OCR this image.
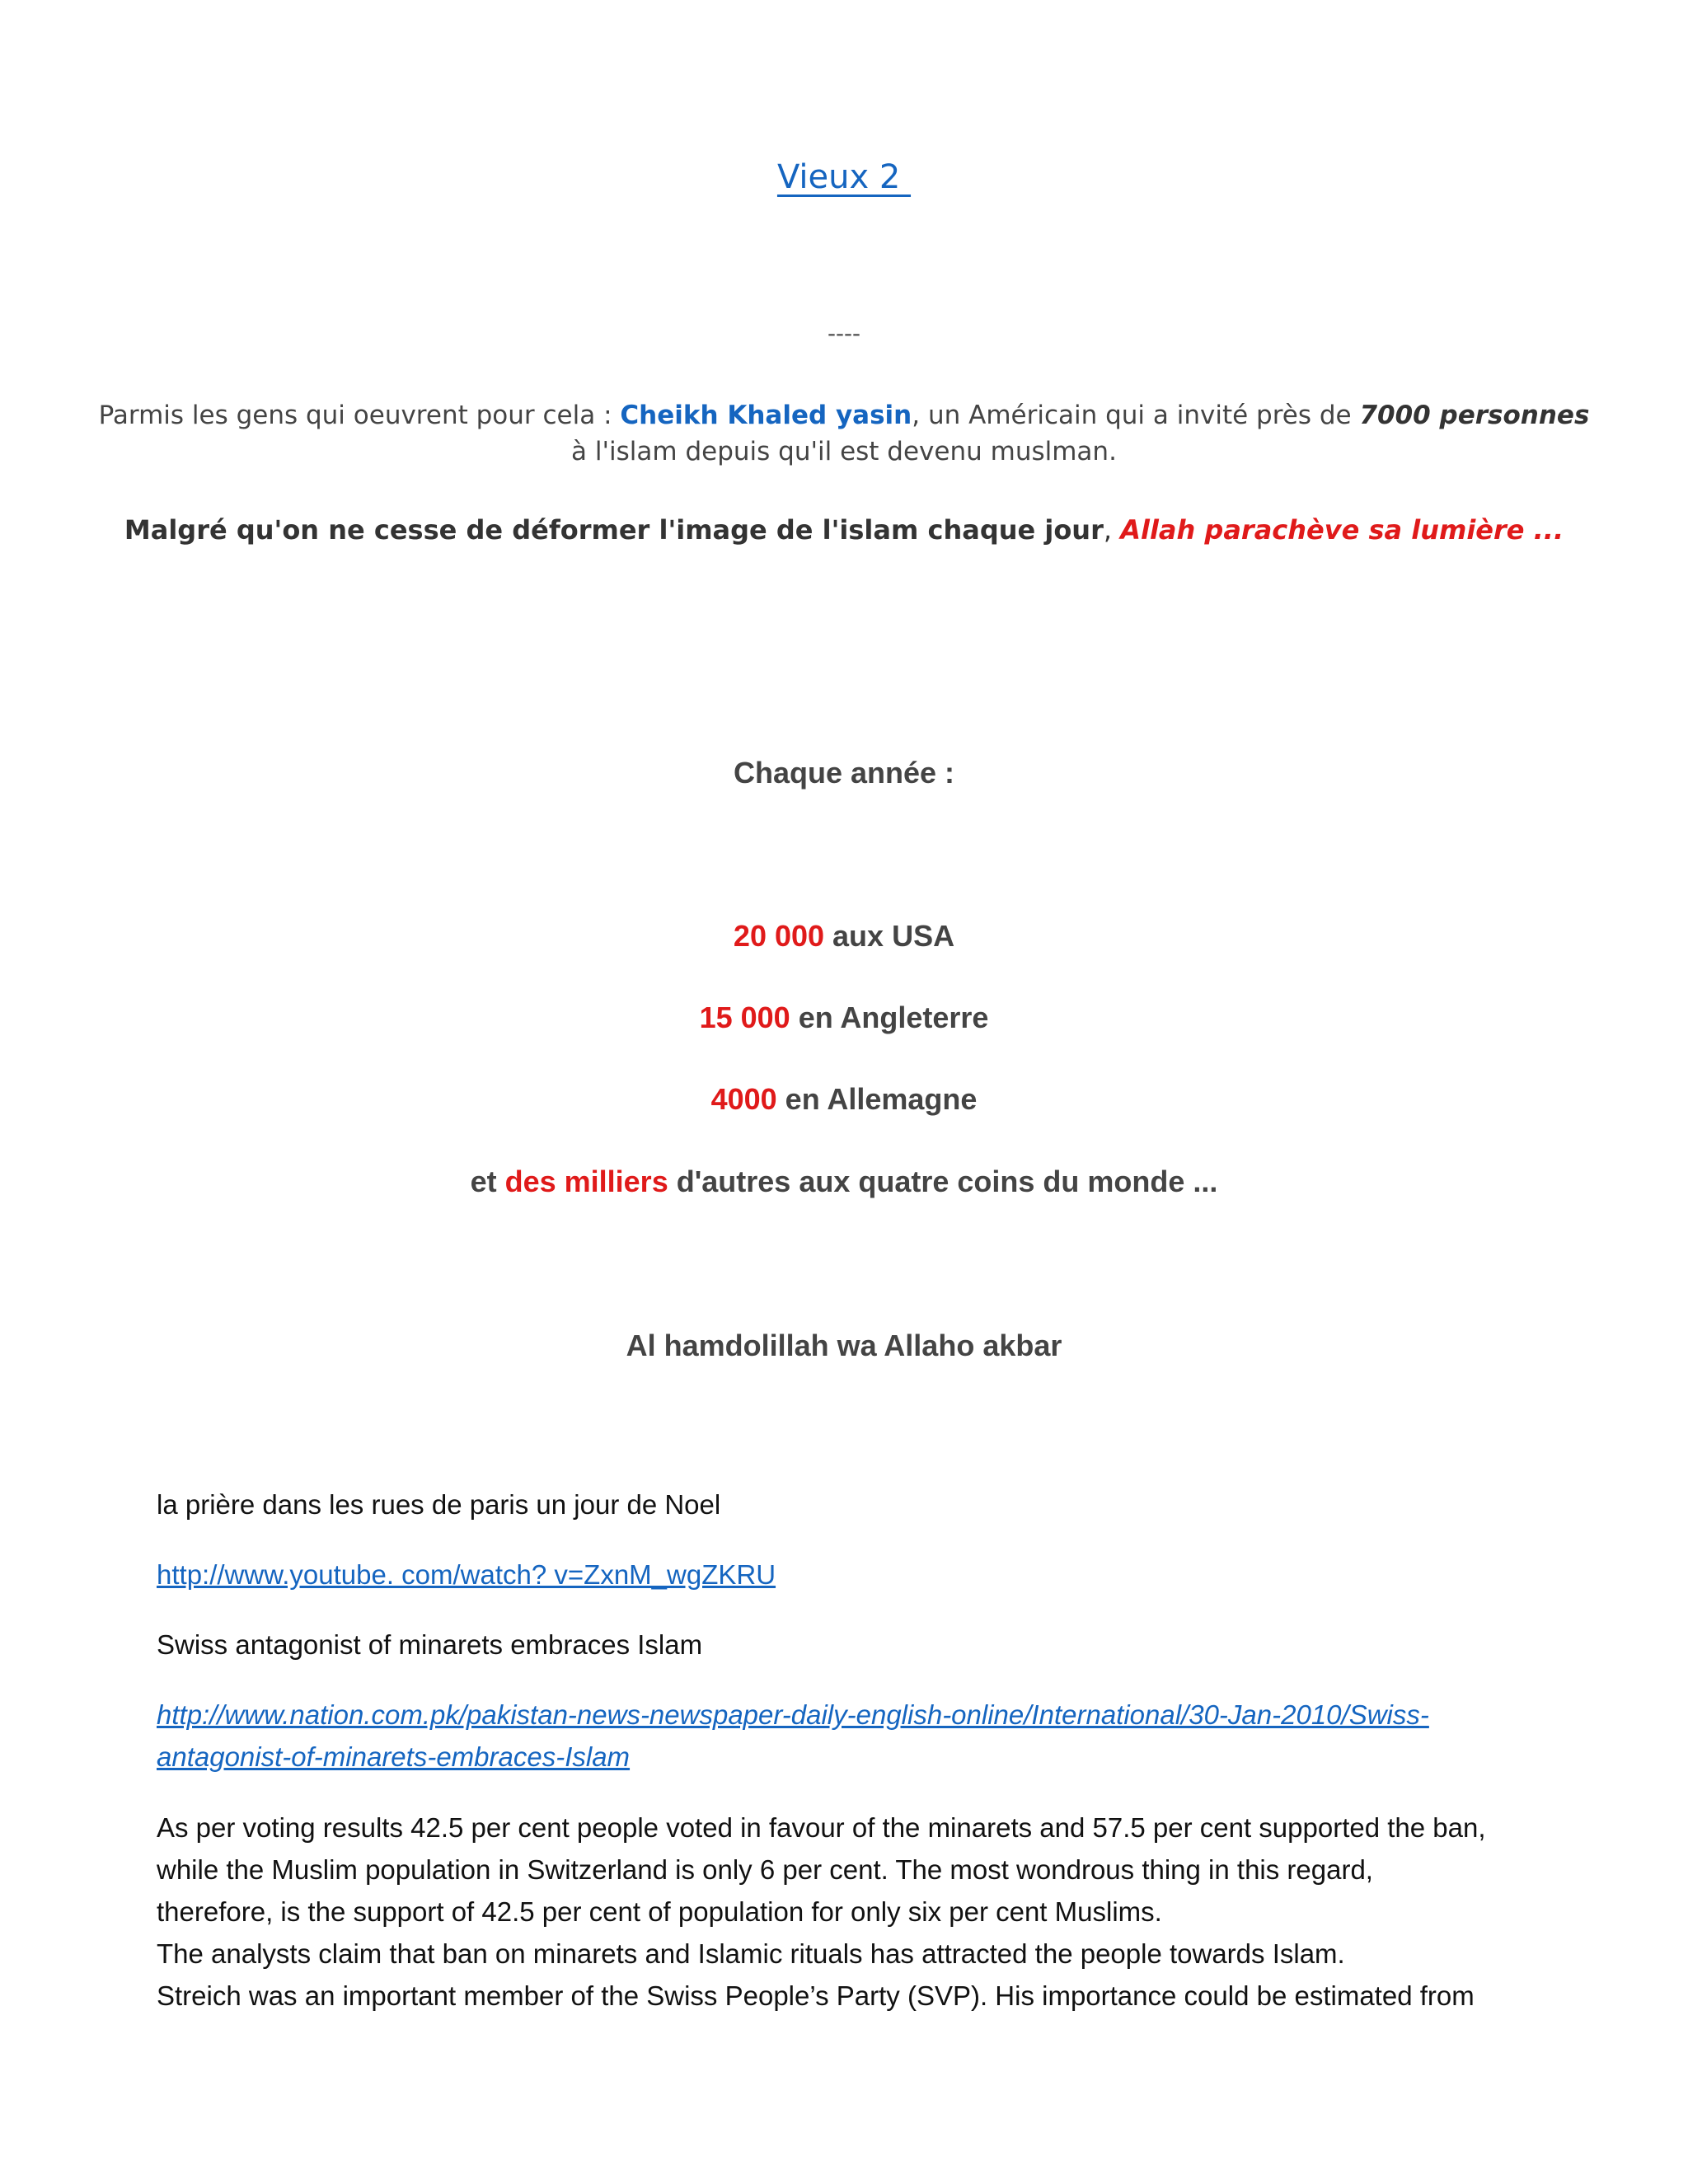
Vieux 2
----
Parmis les gens qui oeuvrent pour cela : Cheikh Khaled yasin, un Américain qui a invité près de 7000 personnes
à l'islam depuis qu'il est devenu muslman.
Malgré qu'on ne cesse de déformer l'image de l'islam chaque jour, Allah parachève sa lumière ...
Chaque année :
20 000 aux USA
15 000 en Angleterre
4000 en Allemagne
et des milliers d'autres aux quatre coins du monde ...
Al hamdolillah wa Allaho akbar
la prière dans les rues de paris un jour de Noel
http://www.youtube. com/watch? v=ZxnM_wgZKRU
Swiss antagonist of minarets embraces Islam
http://www.nation.com.pk/pakistan-news-newspaper-daily-english-online/International/30-Jan-2010/Swiss-
antagonist-of-minarets-embraces-Islam

As per voting results 42.5 per cent people voted in favour of the minarets and 57.5 per cent supported the ban,

while the Muslim population in Switzerland is only 6 per cent. The most wondrous thing in this regard,

therefore, is the support of 42.5 per cent of population for only six per cent Muslims.

The analysts claim that ban on minarets and Islamic rituals has attracted the people towards Islam.

Streich was an important member of the Swiss People’s Party (SVP). His importance could be estimated from
